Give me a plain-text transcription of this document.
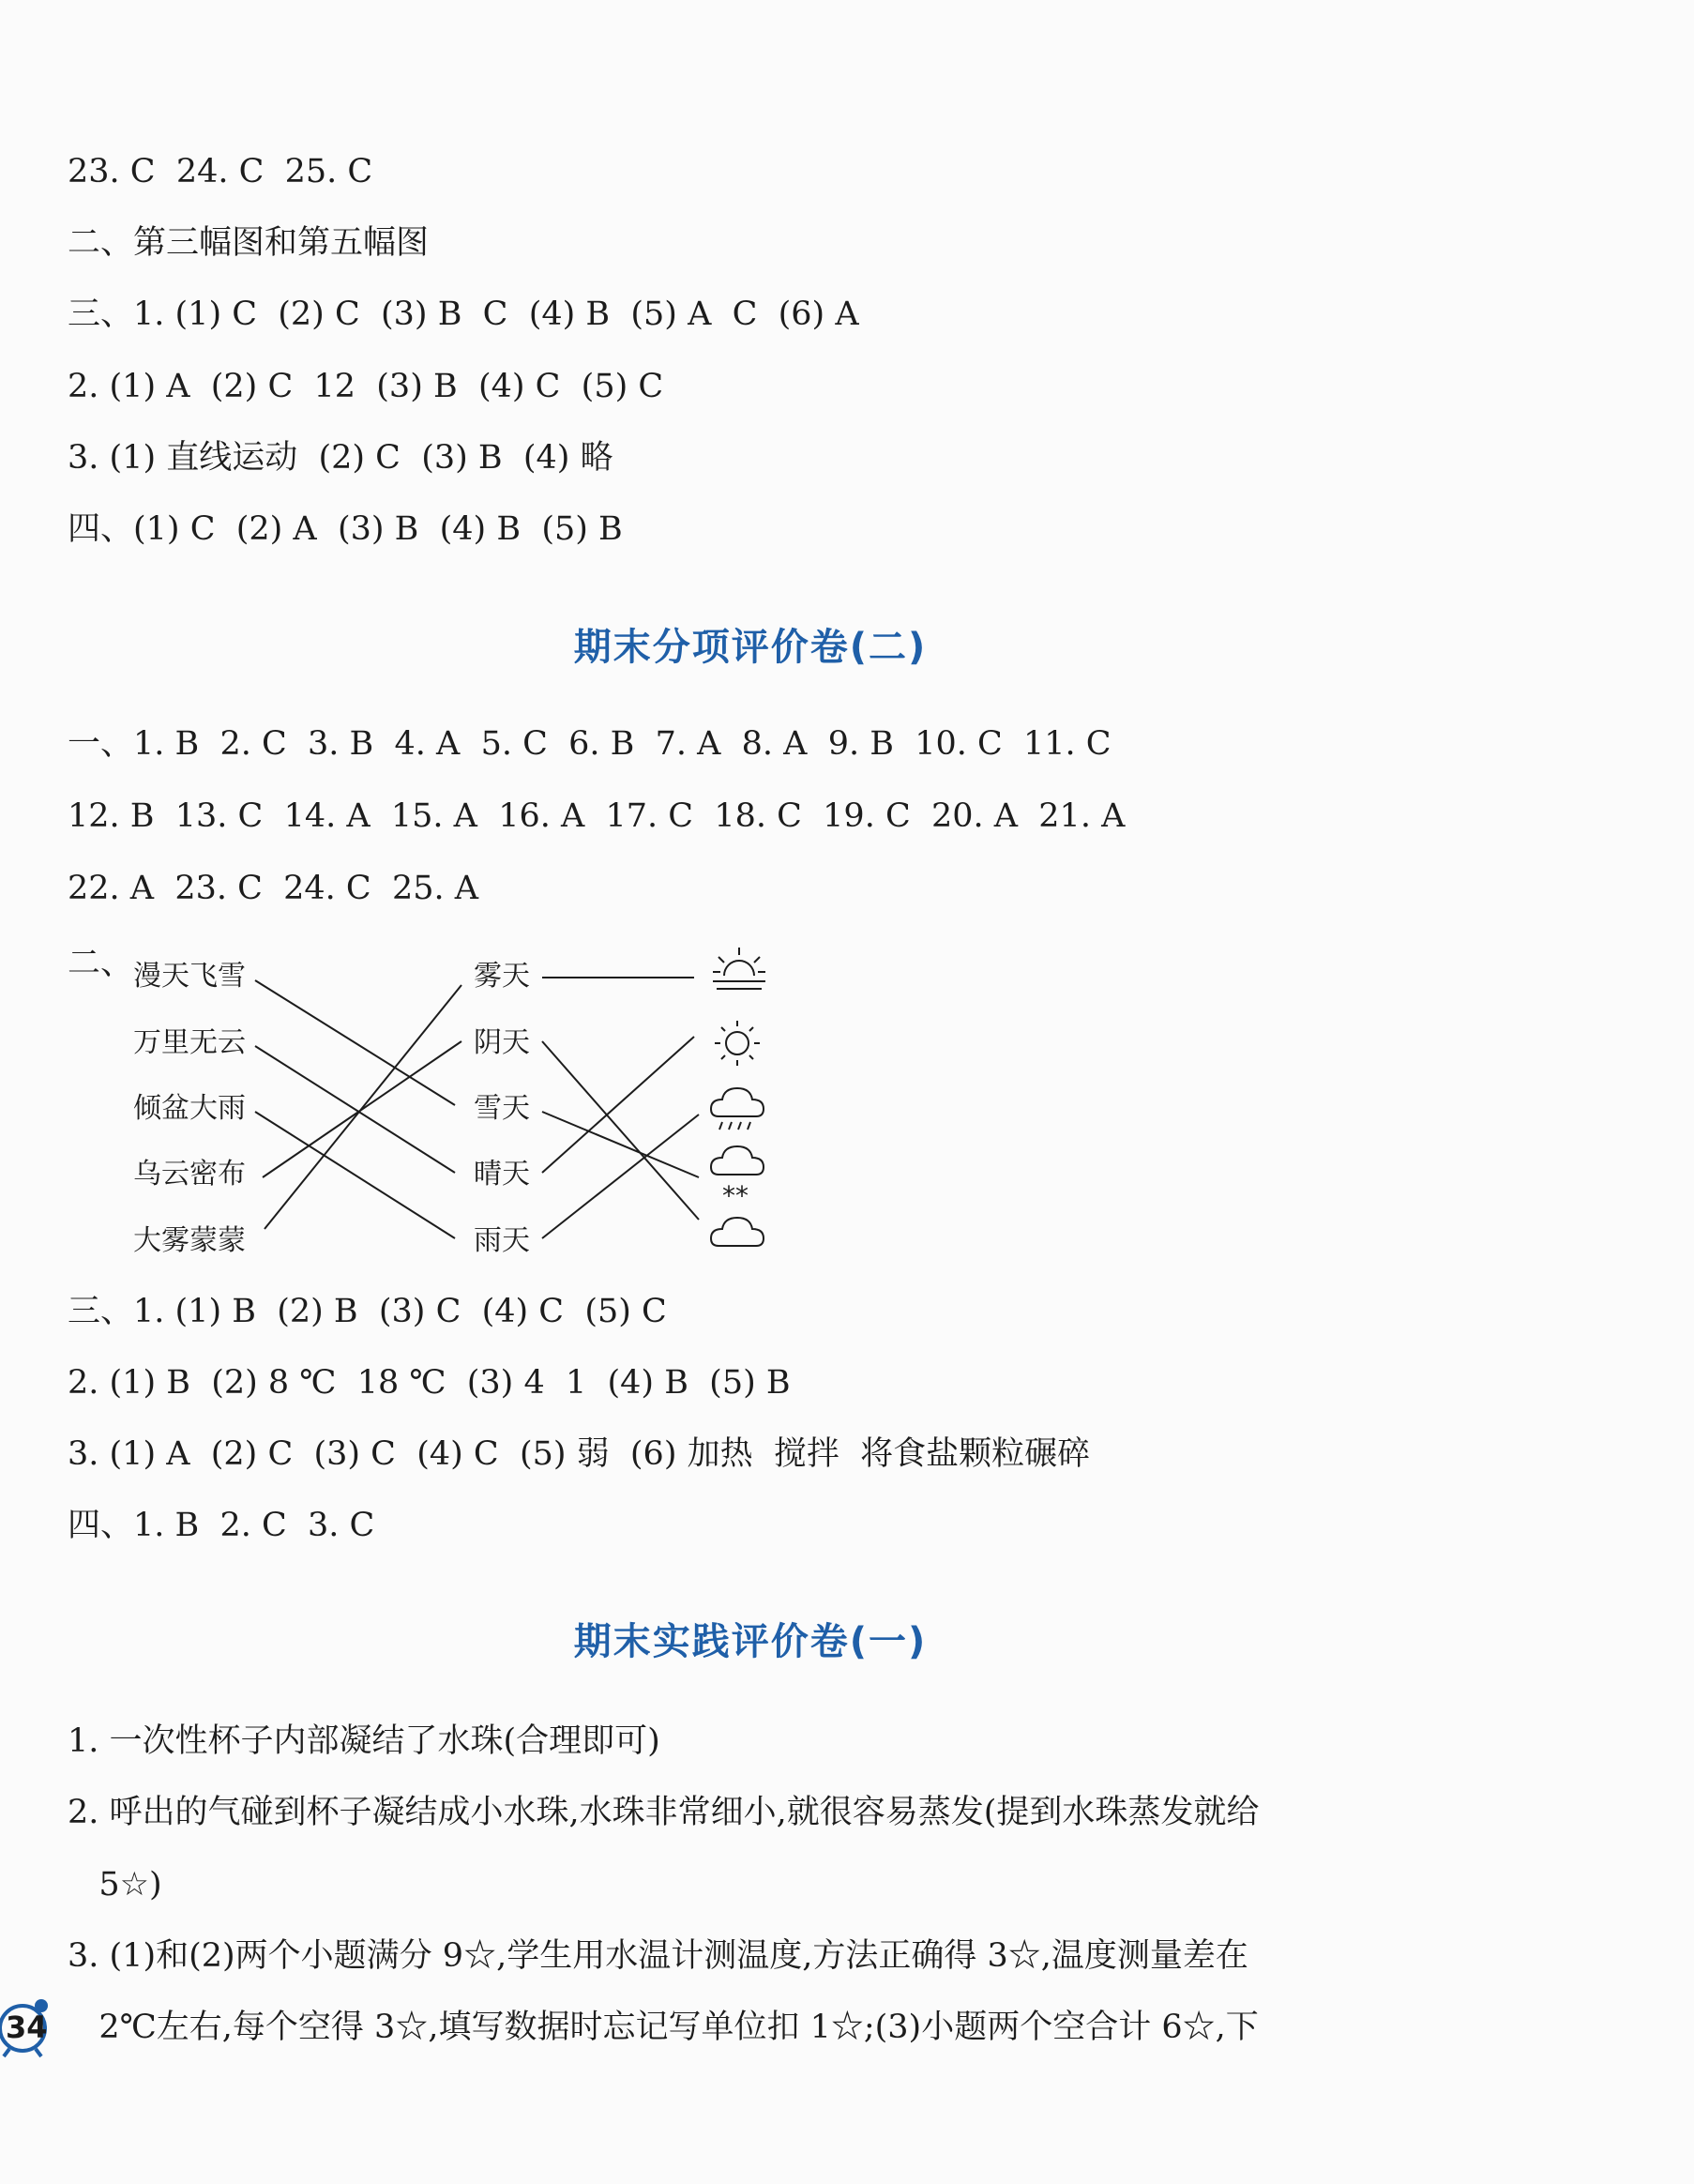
23. C  24. C  25. C
二、第三幅图和第五幅图
三、1. (1) C  (2) C  (3) B  C  (4) B  (5) A  C  (6) A
2. (1) A  (2) C  12  (3) B  (4) C  (5) C
3. (1) 直线运动  (2) C  (3) B  (4) 略
四、(1) C  (2) A  (3) B  (4) B  (5) B
期末分项评价卷(二)
一、1. B  2. C  3. B  4. A  5. C  6. B  7. A  8. A  9. B  10. C  11. C
12. B  13. C  14. A  15. A  16. A  17. C  18. C  19. C  20. A  21. A
22. A  23. C  24. C  25. A
二、 漫天飞雪
万里无云
倾盆大雨
乌云密布
大雾蒙蒙
雾天
阴天
雪天
晴天
雨天
**
三、1. (1) B  (2) B  (3) C  (4) C  (5) C
2. (1) B  (2) 8 ℃  18 ℃  (3) 4  1  (4) B  (5) B
3. (1) A  (2) C  (3) C  (4) C  (5) 弱  (6) 加热  搅拌  将食盐颗粒碾碎
四、1. B  2. C  3. C
期末实践评价卷(一)
1. 一次性杯子内部凝结了水珠(合理即可)
2. 呼出的气碰到杯子凝结成小水珠,水珠非常细小,就很容易蒸发(提到水珠蒸发就给
5☆)
3. (1)和(2)两个小题满分 9☆,学生用水温计测温度,方法正确得 3☆,温度测量差在
2℃左右,每个空得 3☆,填写数据时忘记写单位扣 1☆;(3)小题两个空合计 6☆,下
34
